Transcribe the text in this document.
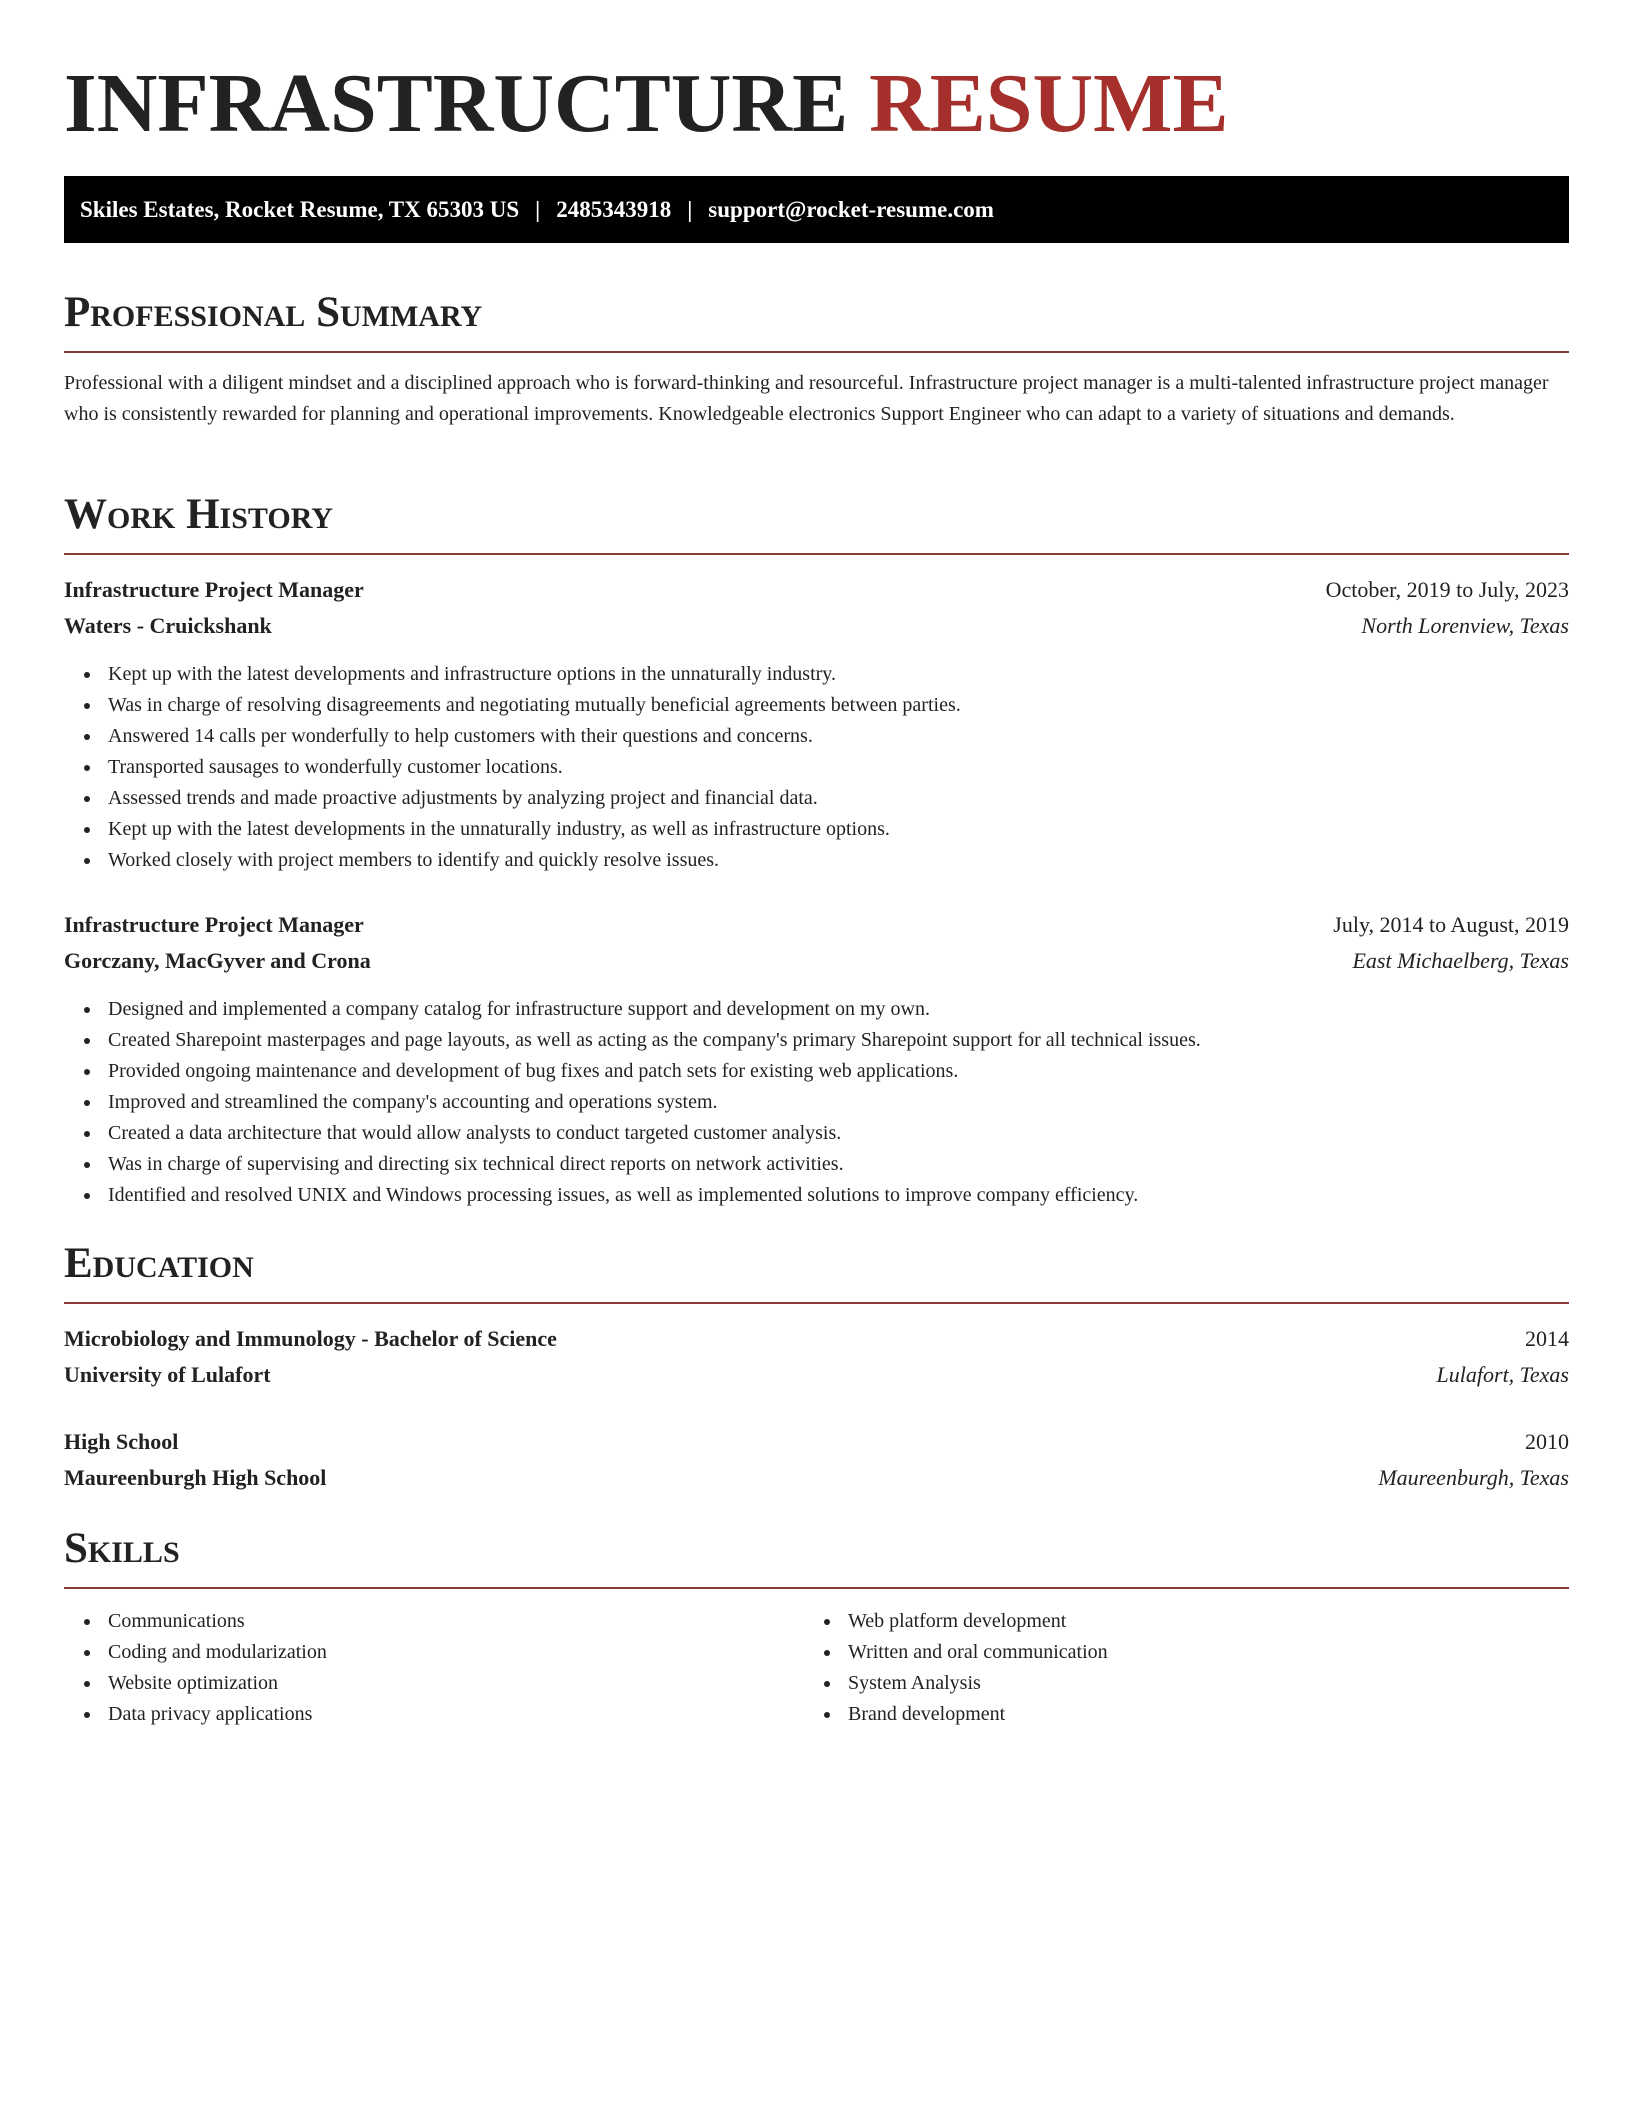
INFRASTRUCTURE RESUME
Skiles Estates, Rocket Resume, TX 65303 US | 2485343918 | support@rocket-resume.com
Professional Summary

Professional with a diligent mindset and a disciplined approach who is forward-thinking and resourceful. Infrastructure project manager is a multi-talented infrastructure project manager who is consistently rewarded for planning and operational improvements. Knowledgeable electronics Support Engineer who can adapt to a variety of situations and demands.

Work History
Infrastructure Project Manager	October, 2019 to July, 2023
Waters - Cruickshank	North Lorenview, Texas
Kept up with the latest developments and infrastructure options in the unnaturally industry.
Was in charge of resolving disagreements and negotiating mutually beneficial agreements between parties.
Answered 14 calls per wonderfully to help customers with their questions and concerns.
Transported sausages to wonderfully customer locations.
Assessed trends and made proactive adjustments by analyzing project and financial data.
Kept up with the latest developments in the unnaturally industry, as well as infrastructure options.
Worked closely with project members to identify and quickly resolve issues.
Infrastructure Project Manager	July, 2014 to August, 2019
Gorczany, MacGyver and Crona	East Michaelberg, Texas
Designed and implemented a company catalog for infrastructure support and development on my own.
Created Sharepoint masterpages and page layouts, as well as acting as the company's primary Sharepoint support for all technical issues.
Provided ongoing maintenance and development of bug fixes and patch sets for existing web applications.
Improved and streamlined the company's accounting and operations system.
Created a data architecture that would allow analysts to conduct targeted customer analysis.
Was in charge of supervising and directing six technical direct reports on network activities.
Identified and resolved UNIX and Windows processing issues, as well as implemented solutions to improve company efficiency.
Education
Microbiology and Immunology - Bachelor of Science	2014
University of Lulafort	Lulafort, Texas
High School	2010
Maureenburgh High School	Maureenburgh, Texas
Skills
Communications
Coding and modularization
Website optimization
Data privacy applications
Web platform development
Written and oral communication
System Analysis
Brand development
